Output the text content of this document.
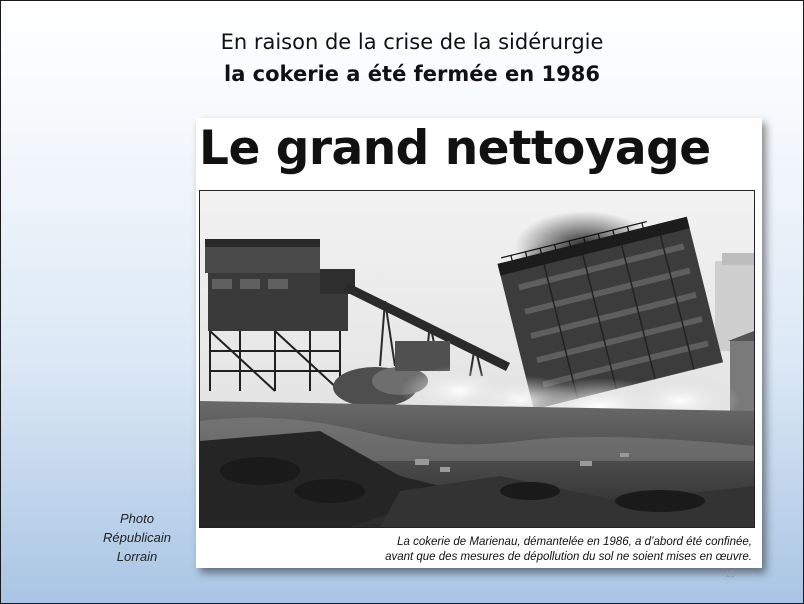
En raison de la crise de la sidérurgie
la cokerie a été fermée en 1986
Le grand nettoyage
La cokerie de Marienau, démantelée en 1986, a d’abord été confinée,
avant que des mesures de dépollution du sol ne soient mises en œuvre.
Photo
Républicain
Lorrain
15
